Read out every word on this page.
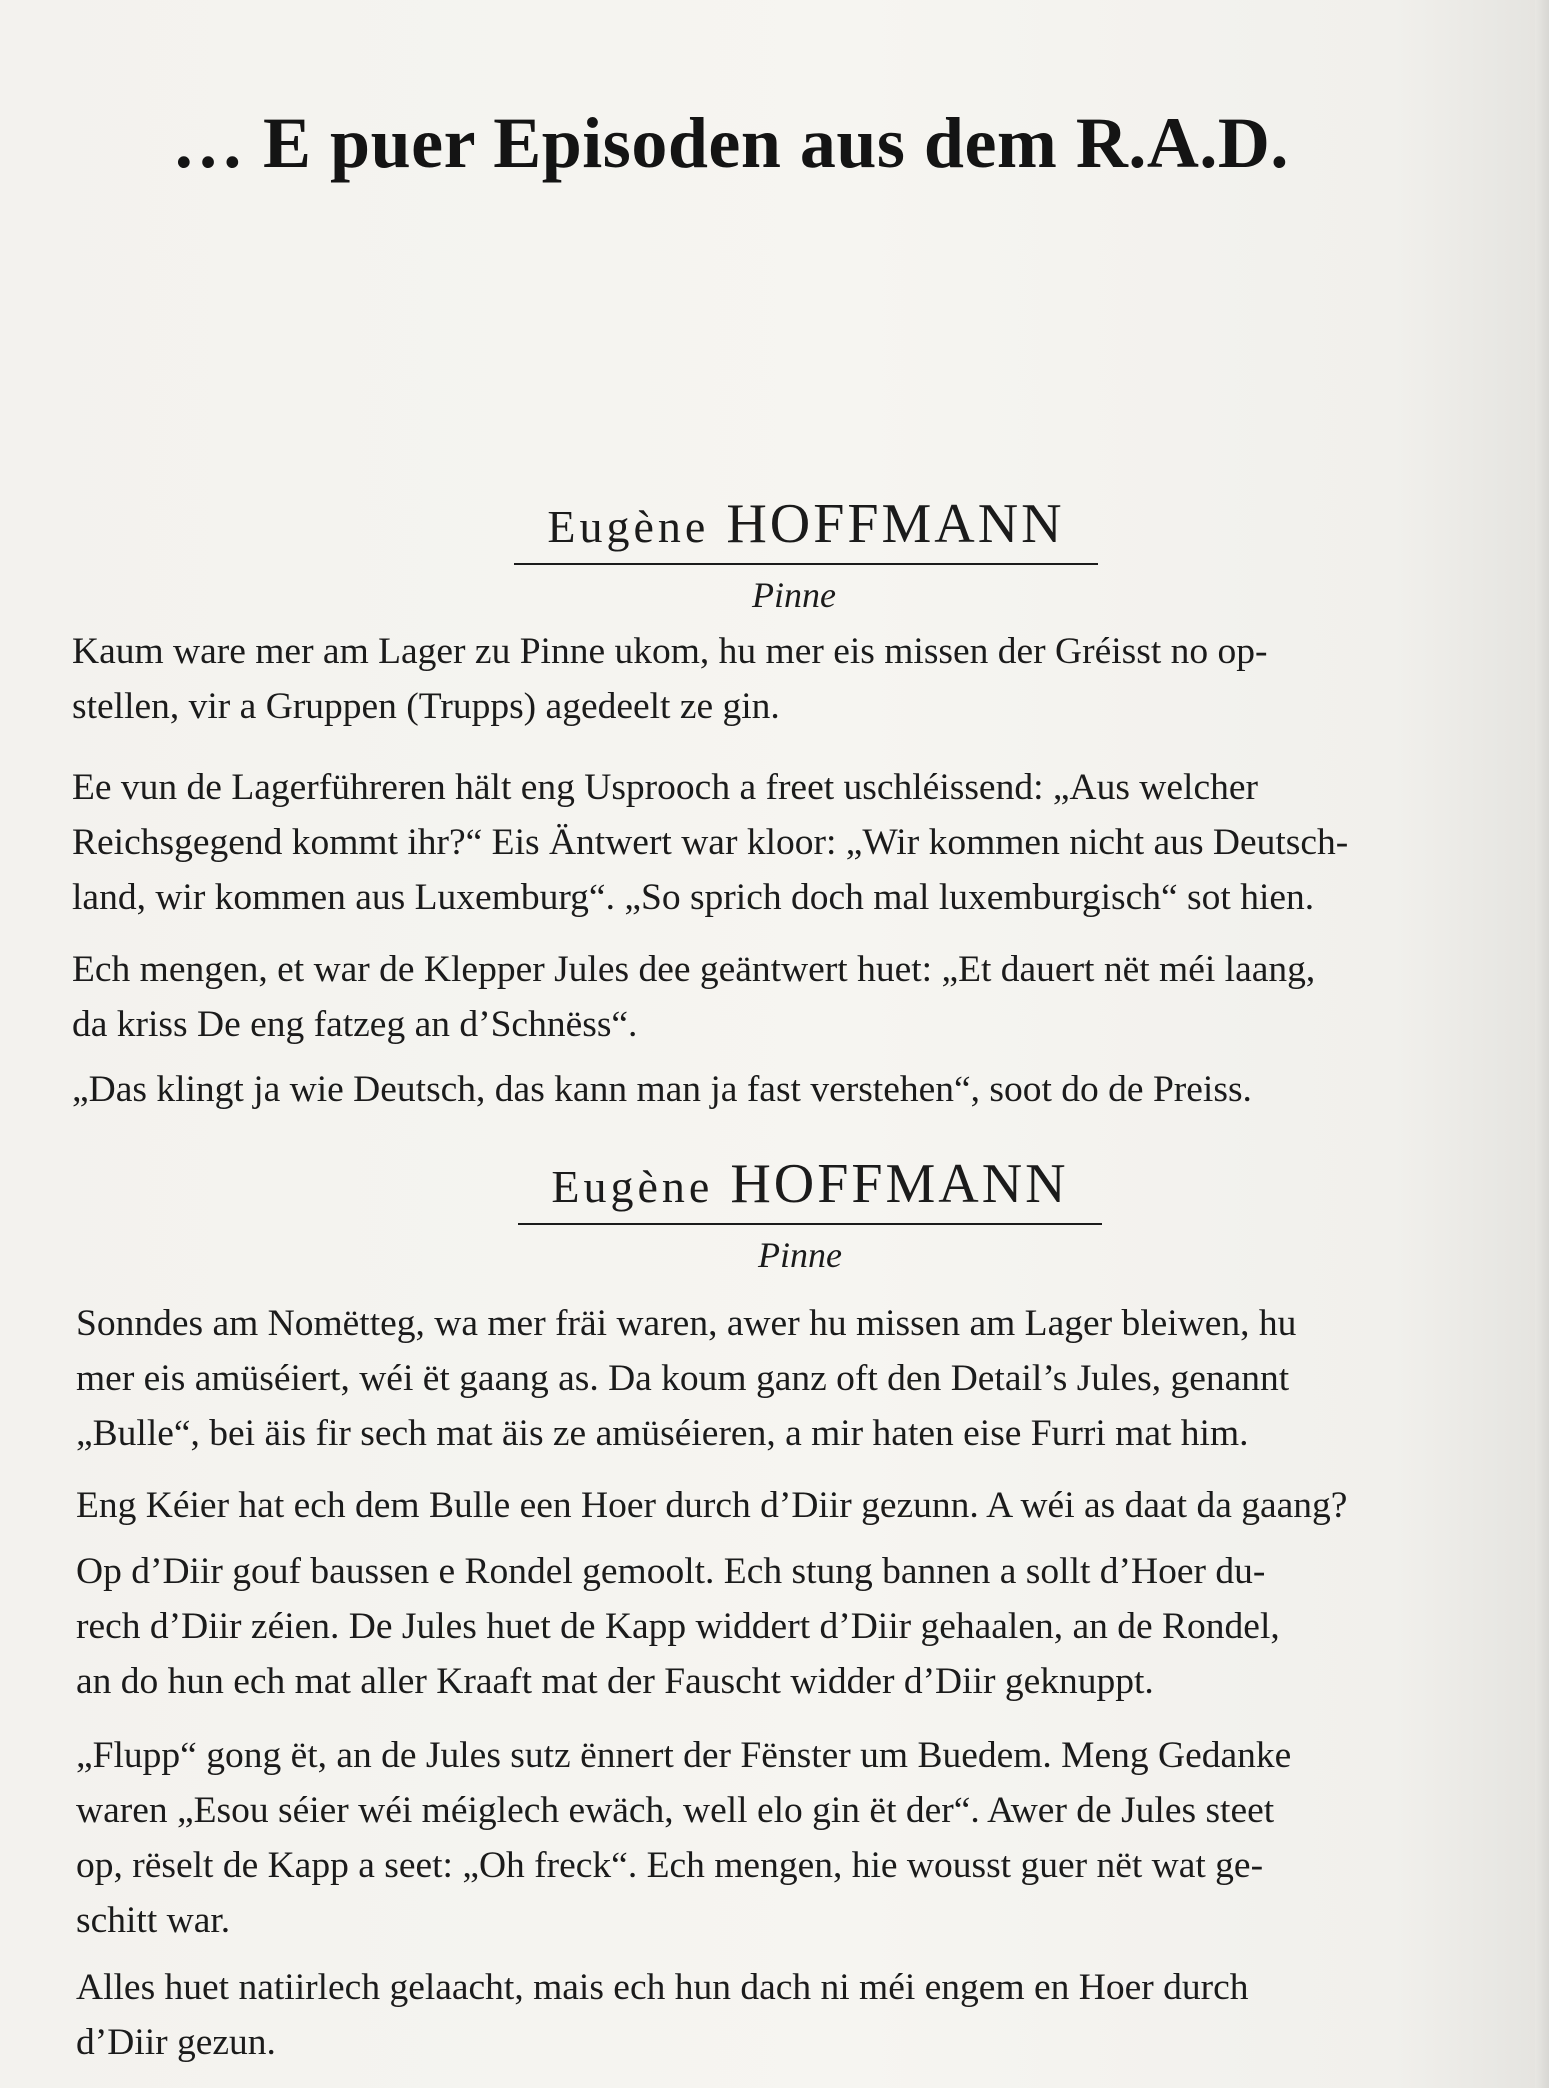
… E puer Episoden aus dem R.A.D.
Eugène HOFFMANN
Pinne
Kaum ware mer am Lager zu Pinne ukom, hu mer eis missen der Gréisst no op-
stellen, vir a Gruppen (Trupps) agedeelt ze gin.
Ee vun de Lagerführeren hält eng Usprooch a freet uschléissend: „Aus welcher
Reichsgegend kommt ihr?“ Eis Äntwert war kloor: „Wir kommen nicht aus Deutsch-
land, wir kommen aus Luxemburg“. „So sprich doch mal luxemburgisch“ sot hien.
Ech mengen, et war de Klepper Jules dee geäntwert huet: „Et dauert nët méi laang,
da kriss De eng fatzeg an d’Schnëss“.
„Das klingt ja wie Deutsch, das kann man ja fast verstehen“, soot do de Preiss.
Eugène HOFFMANN
Pinne
Sonndes am Nomëtteg, wa mer fräi waren, awer hu missen am Lager bleiwen, hu
mer eis amüséiert, wéi ët gaang as. Da koum ganz oft den Detail’s Jules, genannt
„Bulle“, bei äis fir sech mat äis ze amüséieren, a mir haten eise Furri mat him.
Eng Kéier hat ech dem Bulle een Hoer durch d’Diir gezunn. A wéi as daat da gaang?
Op d’Diir gouf baussen e Rondel gemoolt. Ech stung bannen a sollt d’Hoer du-
rech d’Diir zéien. De Jules huet de Kapp widdert d’Diir gehaalen, an de Rondel,
an do hun ech mat aller Kraaft mat der Fauscht widder d’Diir geknuppt.
„Flupp“ gong ët, an de Jules sutz ënnert der Fënster um Buedem. Meng Gedanke
waren „Esou séier wéi méiglech ewäch, well elo gin ët der“. Awer de Jules steet
op, rëselt de Kapp a seet: „Oh freck“. Ech mengen, hie wousst guer nët wat ge-
schitt war.
Alles huet natiirlech gelaacht, mais ech hun dach ni méi engem en Hoer durch
d’Diir gezun.
